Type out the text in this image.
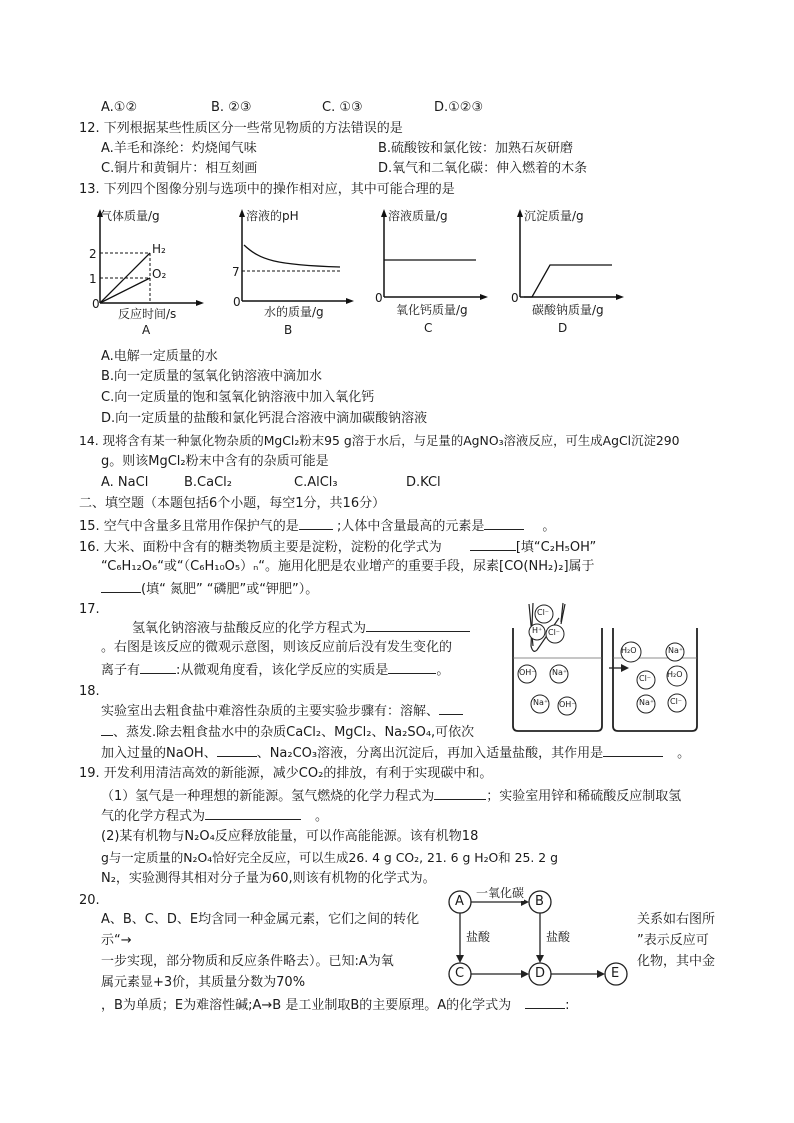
A.①②	B. ②③	C. ①③	D.①②③
12. 下列根据某些性质区分一些常见物质的方法错误的是
A.羊毛和涤纶：灼烧闻气味	B.硫酸铵和氯化铵：加熟石灰研磨
C.铜片和黄铜片：相互刻画	D.氧气和二氧化碳：伸入燃着的木条
13. 下列四个图像分别与选项中的操作相对应，其中可能合理的是
气体质量/g
2
1
0
H₂
O₂
反应时间/s
A
溶液的pH
7
0
水的质量/g
B
溶液质量/g
0
氧化钙质量/g
C
沉淀质量/g
0
碳酸钠质量/g
D
A.电解一定质量的水
B.向一定质量的氢氧化钠溶液中滴加水
C.向一定质量的饱和氢氧化钠溶液中加入氧化钙
D.向一定质量的盐酸和氯化钙混合溶液中滴加碳酸钠溶液
14. 现将含有某一种氯化物杂质的MgCl₂粉末95 g溶于水后，与足量的AgNO₃溶液反应，可生成AgCl沉淀290
g。则该MgCl₂粉末中含有的杂质可能是
A. NaCl	B.CaCl₂	C.AlCl₃	D.KCl
二、填空题（本题包括6个小题，每空1分，共16分）
15. 空气中含量多且常用作保护气的是	;人体中含量最高的元素是	。
16. 大米、面粉中含有的糖类物质主要是淀粉，淀粉的化学式为	[填“C₂H₅OH”
“C₆H₁₂O₆“或“（C₆H₁₀O₅）ₙ“。施用化肥是农业增产的重要手段，尿素[CO(NH₂)₂]属于
(填“ 氮肥” “磷肥”或“钾肥”）。
17.
氢氧化钠溶液与盐酸反应的化学方程式为
。右图是该反应的微观示意图，则该反应前后没有发生变化的
离子有	:从微观角度看，该化学反应的实质是	。
Cl⁻
H⁺ Cl⁻
OH⁻ Na⁺
Na⁺ OH⁻
H₂O	Na⁺
Cl⁻ H₂O
Na⁺ Cl⁻
18.
实验室出去粗食盐中难溶性杂质的主要实验步骤有：溶解、
、蒸发.除去粗食盐水中的杂质CaCl₂、MgCl₂、Na₂SO₄,可依次
加入过量的NaOH、	、Na₂CO₃溶液，分离出沉淀后，再加入适量盐酸，其作用是	。
19. 开发利用清洁高效的新能源，减少CO₂的排放，有利于实现碳中和。
（1）氢气是一种理想的新能源。氢气燃烧的化学力程式为	；实验室用锌和稀硫酸反应制取氢
气的化学方程式为	。
(2)某有机物与N₂O₄反应释放能量，可以作高能能源。该有机物18
g与一定质量的N₂O₄恰好完全反应，可以生成26. 4 g CO₂, 21. 6 g H₂O和 25. 2 g
N₂，实验测得其相对分子量为60,则该有机物的化学式为。
20.
A、B、C、D、E均含同一种金属元素，它们之间的转化	关系如右图所
示“→	”表示反应可
一步实现，部分物质和反应条件略去）。已知:A为氧	化物，其中金
属元素显+3价，其质量分数为70%
，B为单质；E为难溶性碱;A→B 是工业制取B的主要原理。A的化学式为	:
A	B
C	D	E
一氧化碳
盐酸	盐酸
